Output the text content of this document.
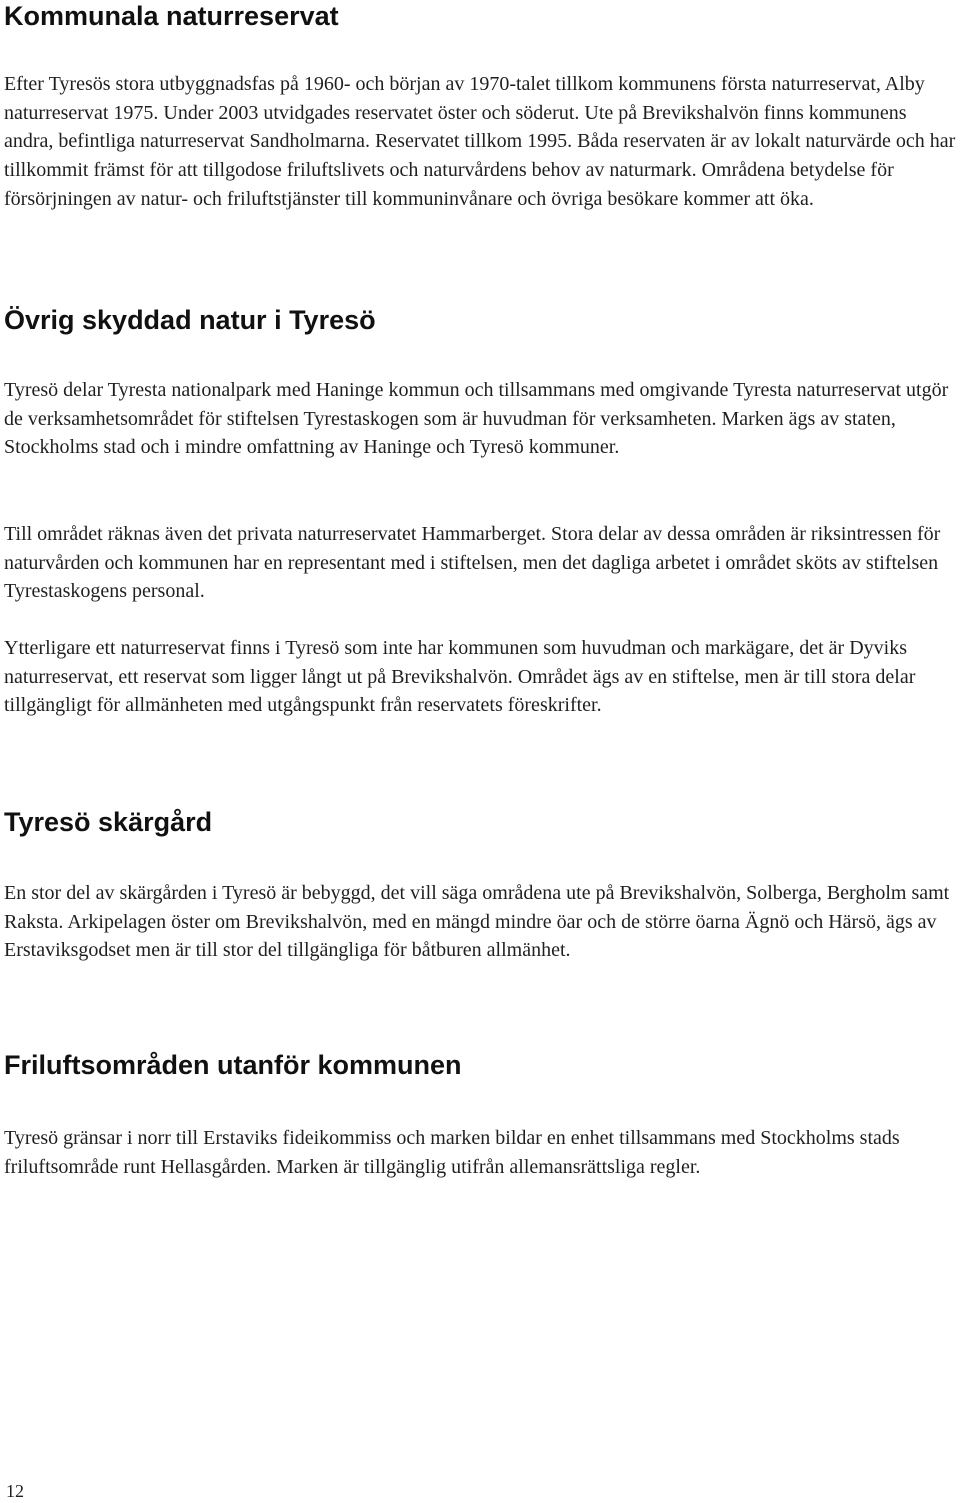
Kommunala naturreservat

Efter Tyresös stora utbyggnadsfas på 1960- och början av 1970-talet tillkom kommunens första naturreservat, Alby naturreservat 1975. Under 2003 utvidgades reservatet öster och söderut. Ute på Brevikshalvön finns kommunens andra, befintliga naturreservat Sandholmarna. Reservatet tillkom 1995. Båda reservaten är av lokalt naturvärde och har tillkommit främst för att tillgodose friluftslivets och naturvårdens behov av naturmark. Områdena betydelse för försörjningen av natur- och friluftstjänster till kommuninvånare och övriga besökare kommer att öka.

Övrig skyddad natur i Tyresö

Tyresö delar Tyresta nationalpark med Haninge kommun och tillsammans med omgivande Tyresta naturreservat utgör de verksamhetsområdet för stiftelsen Tyrestaskogen som är huvudman för verksamheten. Marken ägs av staten, Stockholms stad och i mindre omfattning av Haninge och Tyresö kommuner.

Till området räknas även det privata naturreservatet Hammarberget. Stora delar av dessa områden är riksintressen för naturvården och kommunen har en representant med i stiftelsen, men det dagliga arbetet i området sköts av stiftelsen Tyrestaskogens personal.

Ytterligare ett naturreservat finns i Tyresö som inte har kommunen som huvudman och markägare, det är Dyviks naturreservat, ett reservat som ligger långt ut på Brevikshalvön. Området ägs av en stiftelse, men är till stora delar tillgängligt för allmänheten med utgångspunkt från reservatets föreskrifter.

Tyresö skärgård

En stor del av skärgården i Tyresö är bebyggd, det vill säga områdena ute på Brevikshalvön, Solberga, Bergholm samt Raksta. Arkipelagen öster om Brevikshalvön, med en mängd mindre öar och de större öarna Ägnö och Härsö, ägs av Erstaviksgodset men är till stor del tillgängliga för båtburen allmänhet.

Friluftsområden utanför kommunen

Tyresö gränsar i norr till Erstaviks fideikommiss och marken bildar en enhet tillsammans med Stockholms stads friluftsområde runt Hellasgården. Marken är tillgänglig utifrån allemansrättsliga regler.

12
